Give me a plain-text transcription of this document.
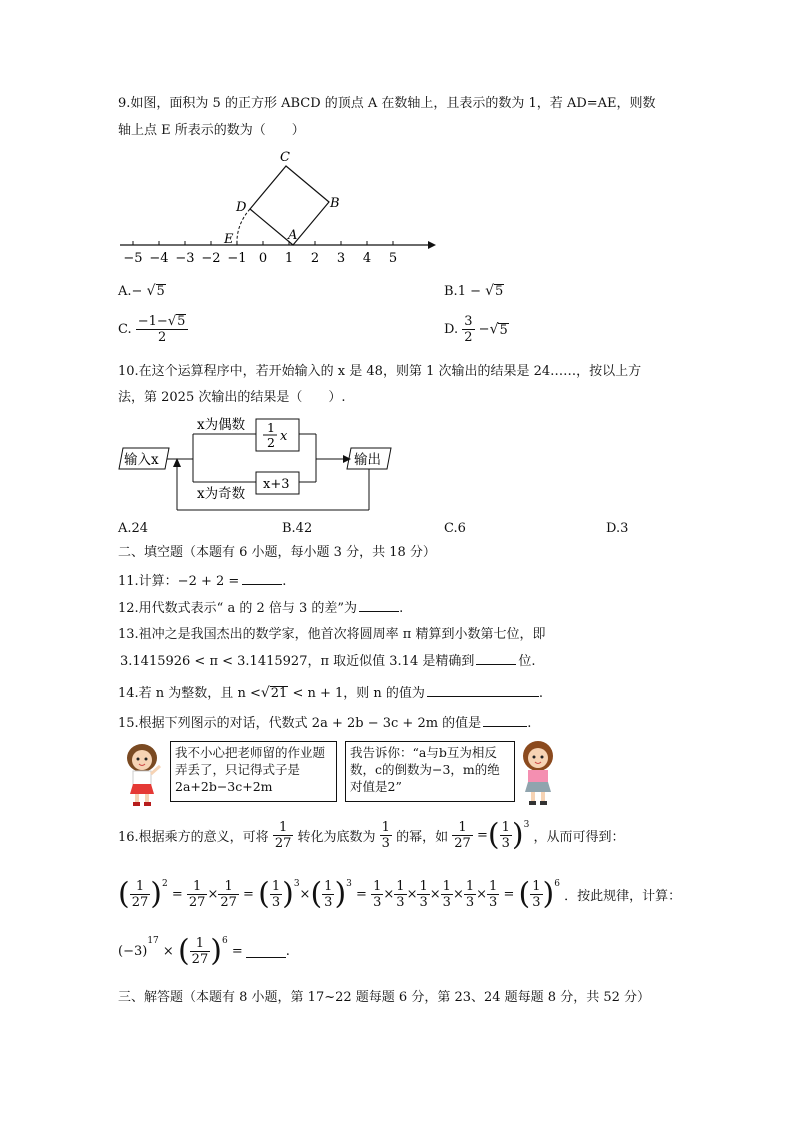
9.如图，面积为 5 的正方形 ABCD 的顶点 A 在数轴上，且表示的数为 1，若 AD=AE，则数
轴上点 E 所表示的数为（　　）
C
B
D
E	A
−5 −4 −3 −2 −1 0 1 2 3 4 5
A.− √5	B.1 − √5
C. $\frac{-1-√5}{2}$	D. $\frac{3}{2} -√5$
10.在这个运算程序中，若开始输入的 x 是 48，则第 1 次输出的结果是 24……，按以上方
法，第 2025 次输出的结果是（　　）.
输入x	输出
x为偶数
x为奇数
1
2 x
x+3
A.24	B.42	C.6	D.3
二、填空题（本题有 6 小题，每小题 3 分，共 18 分）
11.计算：−2 + 2 =	.
12.用代数式表示“ a 的 2 倍与 3 的差”为	.
13.祖冲之是我国杰出的数学家，他首次将圆周率 π 精算到小数第七位，即
3.1415926 < π < 3.1415927，π 取近似值 3.14 是精确到	位.
14.若 n 为整数，且 n <√21 < n + 1，则 n 的值为	.
15.根据下列图示的对话，代数式 2a + 2b − 3c + 2m 的值是	.
我不小心把老师留的作业题弄丢了，只记得式子是 2a+2b−3c+2m
我告诉你：“a与b互为相反数，c的倒数为−3，m的绝对值是2”
16.根据乘方的意义，可将 $\frac{1}{27}$ 转化为底数为 $\frac{1}{3}$ 的幂，如 $\frac{1}{27}$ =( $\frac{1}{3} )^3$ ，从而可得到：
( $\frac{1}{27} )^2 = \frac{1}{27} \times \frac{1}{27}$ = ( $\frac{1}{3} )^3\times( \frac{1}{3} )^3 = \frac{1}{3} \times \frac{1}{3} \times \frac{1}{3} \times \frac{1}{3} \times \frac{1}{3} \times \frac{1}{3}$ = ( $\frac{1}{3} )^6$ ．按此规律，计算：
$(-3)^{17}$ × ( $\frac{1}{27} )^6$ =	.
三、解答题（本题有 8 小题，第 17~22 题每题 6 分，第 23、24 题每题 8 分，共 52 分）
